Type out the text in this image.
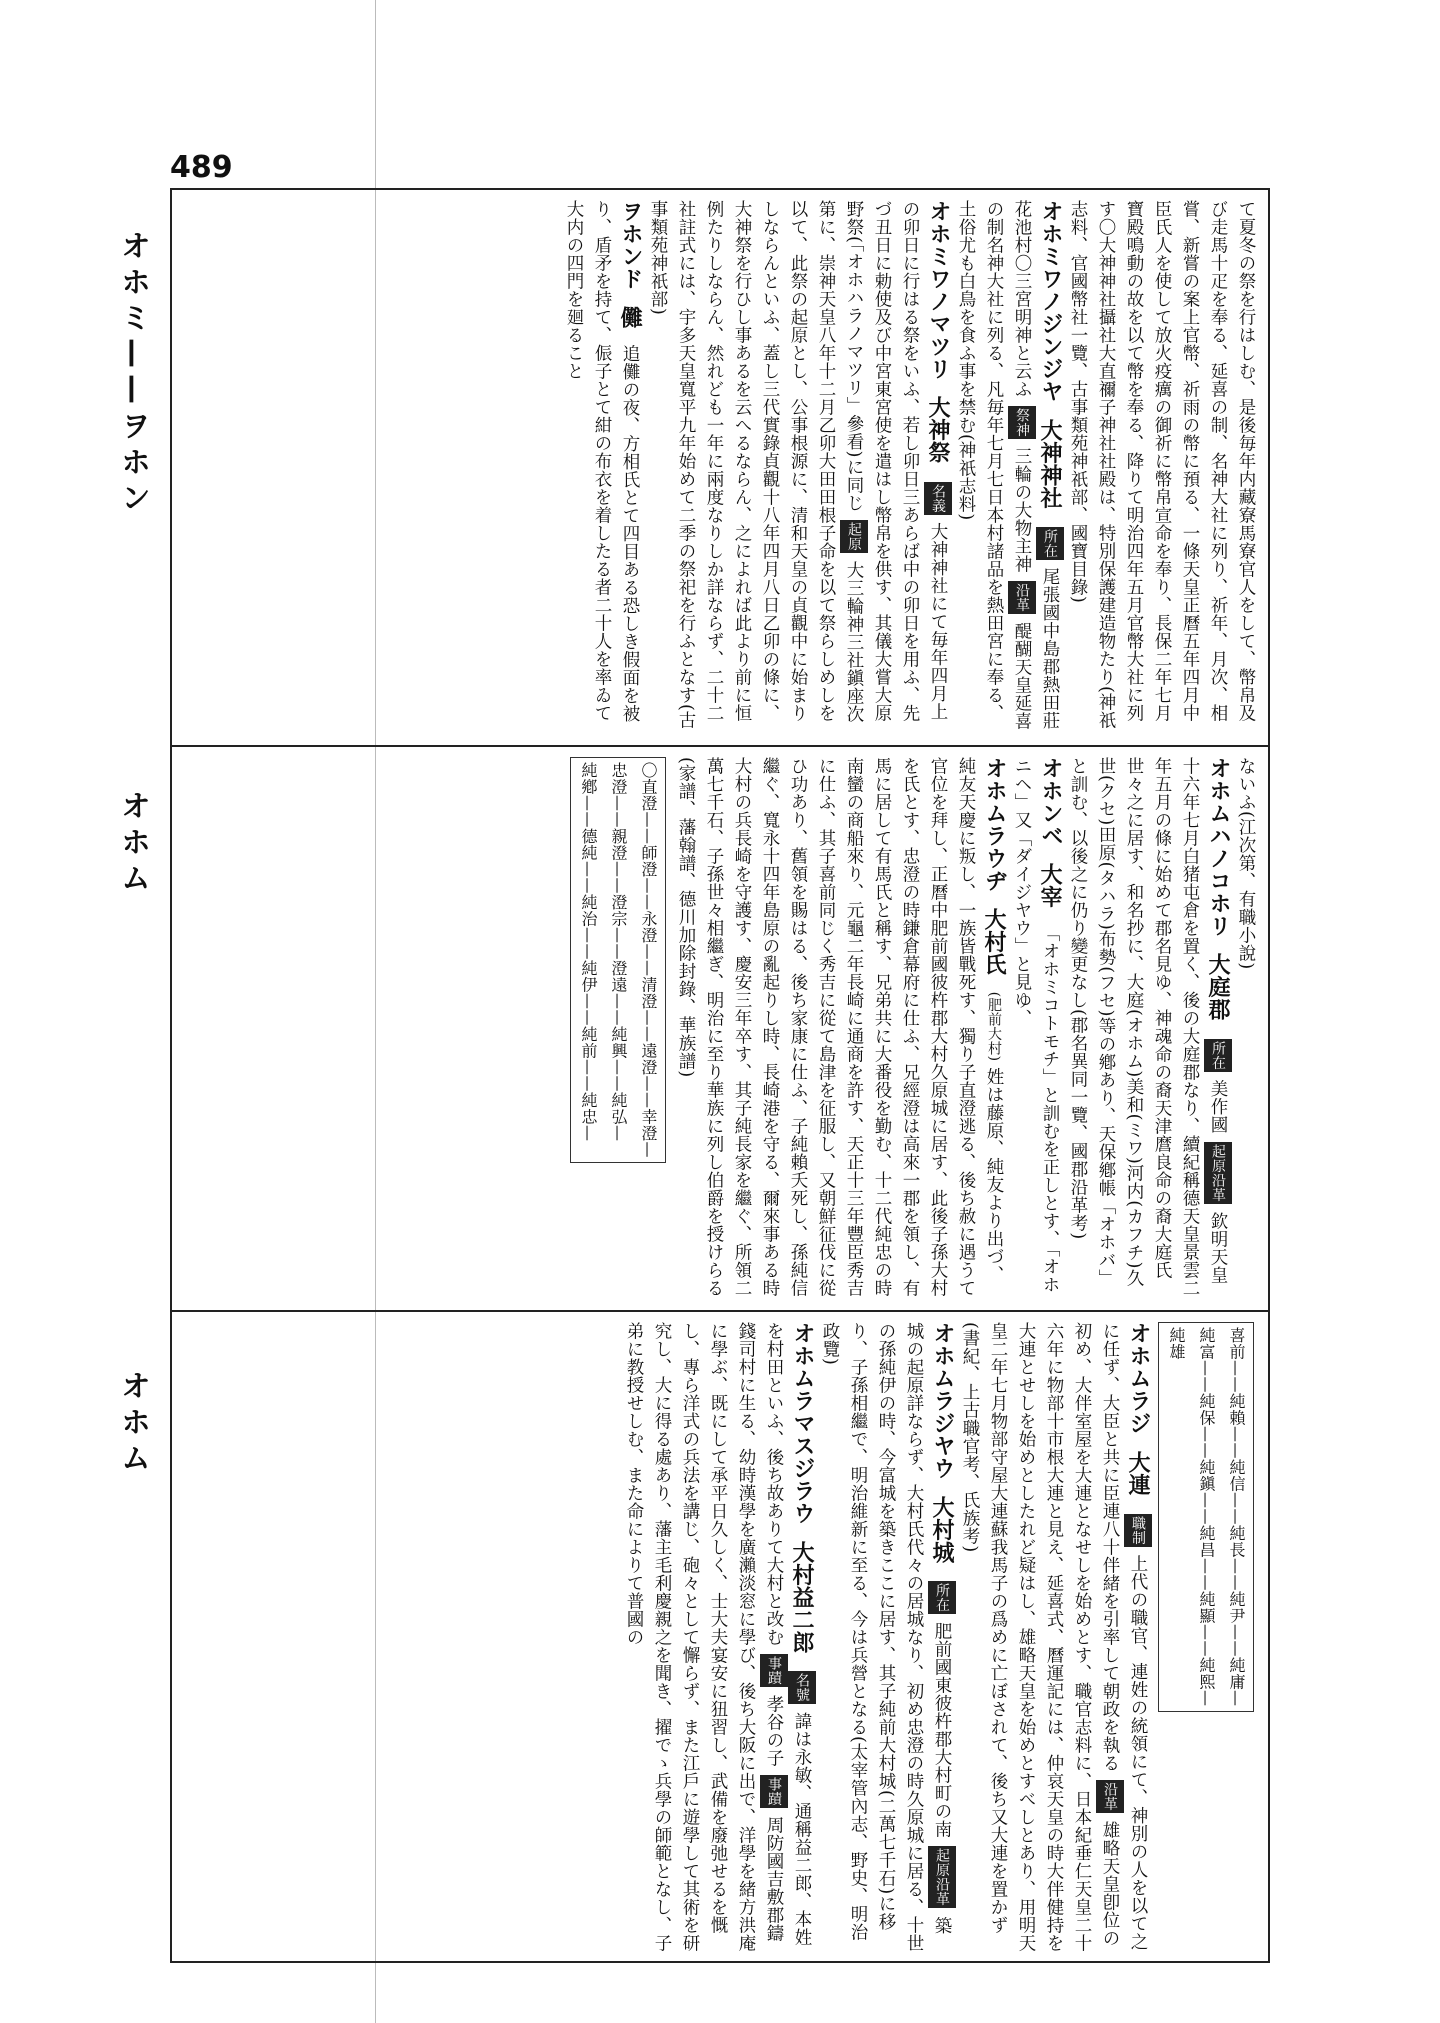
489
オホミ——ヲホン
オホム
オホム

て夏冬の祭を行はしむ、是後毎年内藏寮馬寮官人をして、幣帛及び走馬十疋を奉る、延喜の制、名神大社に列り、祈年、月次、相嘗、新嘗の案上官幣、祈雨の幣に預る、一條天皇正曆五年四月中臣氏人を使して放火疫癘の御祈に幣帛宣命を奉り、長保二年七月寶殿鳴動の故を以て幣を奉る、降りて明治四年五月官幣大社に列す〇大神神社攝社大直禰子神社社殿は、特別保護建造物たり(神祇志料、官國幣社一覽、古事類苑神祇部、國寶目錄)

オホミワノジンジヤ 大神神社 所在 尾張國中島郡熱田莊花池村〇三宮明神と云ふ 祭神 三輪の大物主神 沿革 醍醐天皇延喜の制名神大社に列る、凡毎年七月七日本村諸品を熱田宮に奉る、土俗尤も白鳥を食ふ事を禁む(神祇志料)

オホミワノマツリ 大神祭 名義 大神神社にて毎年四月上の卯日に行はる祭をいふ、若し卯日三あらば中の卯日を用ふ、先づ丑日に勅使及び中宮東宮使を遣はし幣帛を供す、其儀大嘗大原野祭(「オホハラノマツリ」參看)に同じ 起原 大三輪神三社鎭座次第に、崇神天皇八年十二月乙卯大田田根子命を以て祭らしめしを以て、此祭の起原とし、公事根源に、清和天皇の貞觀中に始まりしならんといふ、蓋し三代實錄貞觀十八年四月八日乙卯の條に、大神祭を行ひし事あるを云へるならん、之によれば此より前に恒例たりしならん、然れども一年に兩度なりしか詳ならず、二十二社註式には、宇多天皇寬平九年始めて二季の祭祀を行ふとなす(古事類苑神祇部)

ヲホンド 儺 追儺の夜、方相氏とて四目ある恐しき假面を被り、盾矛を持て、侲子とて紺の布衣を着したる者二十人を率ゐて大内の四門を廻ること

ないふ(江次第、有職小說)

オホムハノコホリ 大庭郡 所在 美作國 起原沿革 欽明天皇十六年七月白猪屯倉を置く、後の大庭郡なり、續紀稱德天皇景雲二年五月の條に始めて郡名見ゆ、神魂命の裔天津麿良命の裔大庭氏世々之に居す、和名抄に、大庭(オホム)美和(ミワ)河内(カフチ)久世(クセ)田原(タハラ)布勢(フセ)等の鄕あり、天保鄕帳「オホバ」と訓む、以後之に仍り變更なし(郡名異同一覽、國郡沿革考)

オホンベ 大宰 「オホミコトモチ」と訓むを正しとす、「オホニヘ」又「ダイジヤウ」と見ゆ、

オホムラウヂ 大村氏 (肥前大村) 姓は藤原、純友より出づ、純友天慶に叛し、一族皆戰死す、獨り子直澄逃る、後ち赦に遇うて官位を拜し、正曆中肥前國彼杵郡大村久原城に居す、此後子孫大村を氏とす、忠澄の時鎌倉幕府に仕ふ、兄經澄は高來一郡を領し、有馬に居して有馬氏と稱す、兄弟共に大番役を勤む、十二代純忠の時南蠻の商船來り、元龜二年長崎に通商を許す、天正十三年豐臣秀吉に仕ふ、其子喜前同じく秀吉に從て島津を征服し、又朝鮮征伐に從ひ功あり、舊領を賜はる、後ち家康に仕ふ、子純賴夭死し、孫純信繼ぐ、寬永十四年島原の亂起りし時、長崎港を守る、爾來事ある時大村の兵長崎を守護す、慶安三年卒す、其子純長家を繼ぐ、所領二萬七千石、子孫世々相繼ぎ、明治に至り華族に列し伯爵を授けらる(家譜、藩翰譜、德川加除封錄、華族譜)

〇直澄——師澄——永澄——清澄——遠澄——幸澄—
忠澄——親澄——澄宗——澄遠——純興——純弘—
純鄕——德純——純治——純伊——純前——純忠—
喜前——純賴——純信——純長——純尹——純庸—
純富——純保——純鎭——純昌——純顯——純熙—
純雄

オホムラジ 大連 職制 上代の職官、連姓の統領にて、神別の人を以て之に任ず、大臣と共に臣連八十伴緒を引率して朝政を執る 沿革 雄略天皇卽位の初め、大伴室屋を大連となせしを始めとす、職官志料に、日本紀垂仁天皇二十六年に物部十市根大連と見え、延喜式、曆運記には、仲哀天皇の時大伴健持を大連とせしを始めとしたれど疑はし、雄略天皇を始めとすべしとあり、用明天皇二年七月物部守屋大連蘇我馬子の爲めに亡ぼされて、後ち又大連を置かず(書紀、上古職官考、氏族考)

オホムラジヤウ 大村城 所在 肥前國東彼杵郡大村町の南 起原沿革 築城の起原詳ならず、大村氏代々の居城なり、初め忠澄の時久原城に居る、十世の孫純伊の時、今富城を築きここに居す、其子純前大村城(二萬七千石)に移り、子孫相繼で、明治維新に至る、今は兵營となる(太宰管內志、野史、明治政覽)

オホムラマスジラウ 大村益二郎 名號 諱は永敏、通稱益二郎、本姓を村田といふ、後ち故ありて大村と改む 事蹟 孝谷の子 事蹟 周防國吉敷郡鑄錢司村に生る、幼時漢學を廣瀨淡窓に學び、後ち大阪に出で、洋學を緒方洪庵に學ぶ、既にして承平日久しく、士大夫宴安に狃習し、武備を廢弛せるを慨し、專ら洋式の兵法を講じ、砲々として懈らず、また江戶に遊學して其術を研究し、大に得る處あり、藩主毛利慶親之を聞き、擢でゝ兵學の師範となし、子弟に教授せしむ、また命によりて普國の
